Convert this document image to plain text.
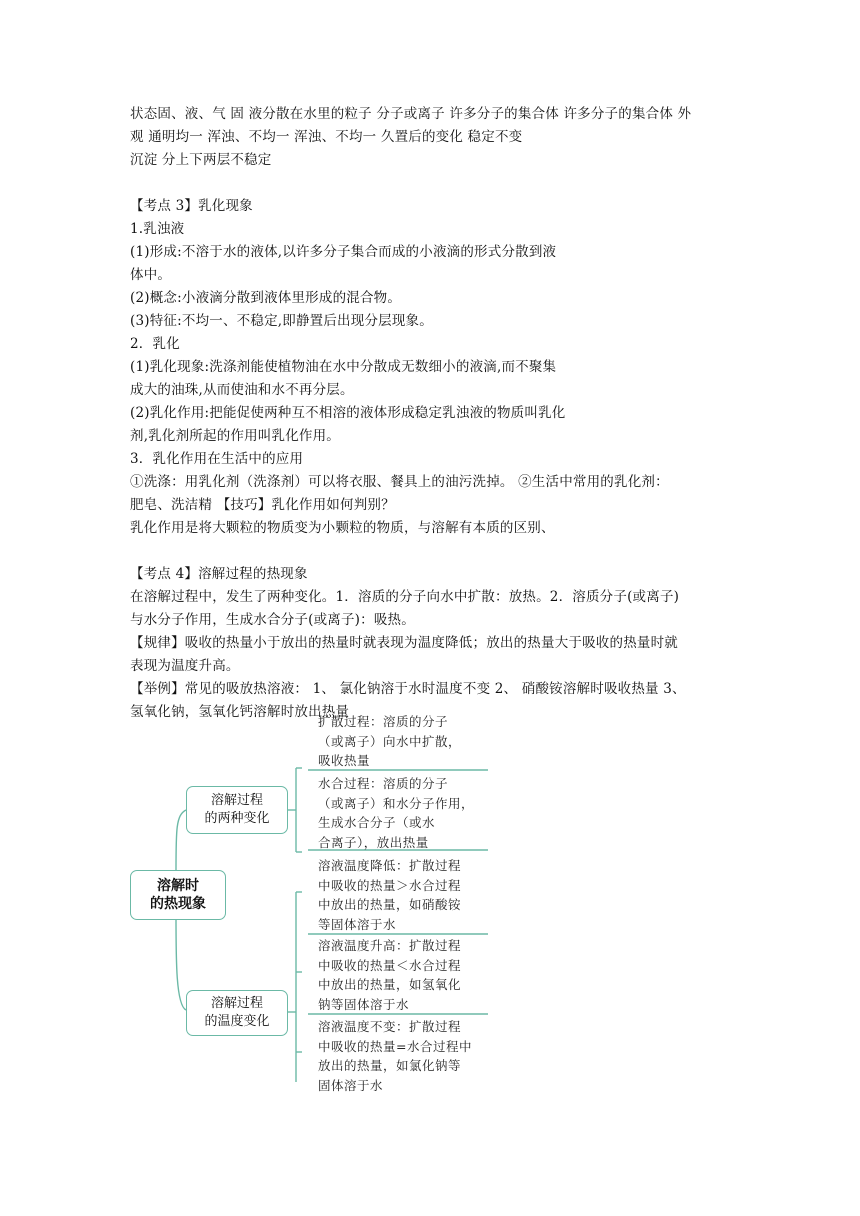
状态固、液、气 固 液分散在水里的粒子 分子或离子 许多分子的集合体 许多分子的集合体 外
观 通明均一 浑浊、不均一 浑浊、不均一 久置后的变化 稳定不变
沉淀 分上下两层不稳定
【考点 3】乳化现象
1.乳浊液
(1)形成:不溶于水的液体,以许多分子集合而成的小液滴的形式分散到液
体中。
(2)概念:小液滴分散到液体里形成的混合物。
(3)特征:不均一、不稳定,即静置后出现分层现象。
2．乳化
(1)乳化现象:洗涤剂能使植物油在水中分散成无数细小的液滴,而不聚集
成大的油珠,从而使油和水不再分层。
(2)乳化作用:把能促使两种互不相溶的液体形成稳定乳浊液的物质叫乳化
剂,乳化剂所起的作用叫乳化作用。
3．乳化作用在生活中的应用
①洗涤：用乳化剂（洗涤剂）可以将衣服、餐具上的油污洗掉。 ②生活中常用的乳化剂：
肥皂、洗洁精 【技巧】乳化作用如何判别？
乳化作用是将大颗粒的物质变为小颗粒的物质，与溶解有本质的区别、
【考点 4】溶解过程的热现象
在溶解过程中，发生了两种变化。1．溶质的分子向水中扩散：放热。2．溶质分子(或离子)
与水分子作用，生成水合分子(或离子)：吸热。
【规律】吸收的热量小于放出的热量时就表现为温度降低；放出的热量大于吸收的热量时就
表现为温度升高。
【举例】常见的吸放热溶液： 1、 氯化钠溶于水时温度不变 2、 硝酸铵溶解时吸收热量 3、
氢氧化钠，氢氧化钙溶解时放出热量
溶解时
的热现象
溶解过程
的两种变化
溶解过程
的温度变化
扩散过程：溶质的分子
（或离子）向水中扩散，
吸收热量
水合过程：溶质的分子
（或离子）和水分子作用，
生成水合分子（或水
合离子），放出热量
溶液温度降低：扩散过程
中吸收的热量＞水合过程
中放出的热量，如硝酸铵
等固体溶于水
溶液温度升高：扩散过程
中吸收的热量＜水合过程
中放出的热量，如氢氧化
钠等固体溶于水
溶液温度不变：扩散过程
中吸收的热量=水合过程中
放出的热量，如氯化钠等
固体溶于水
